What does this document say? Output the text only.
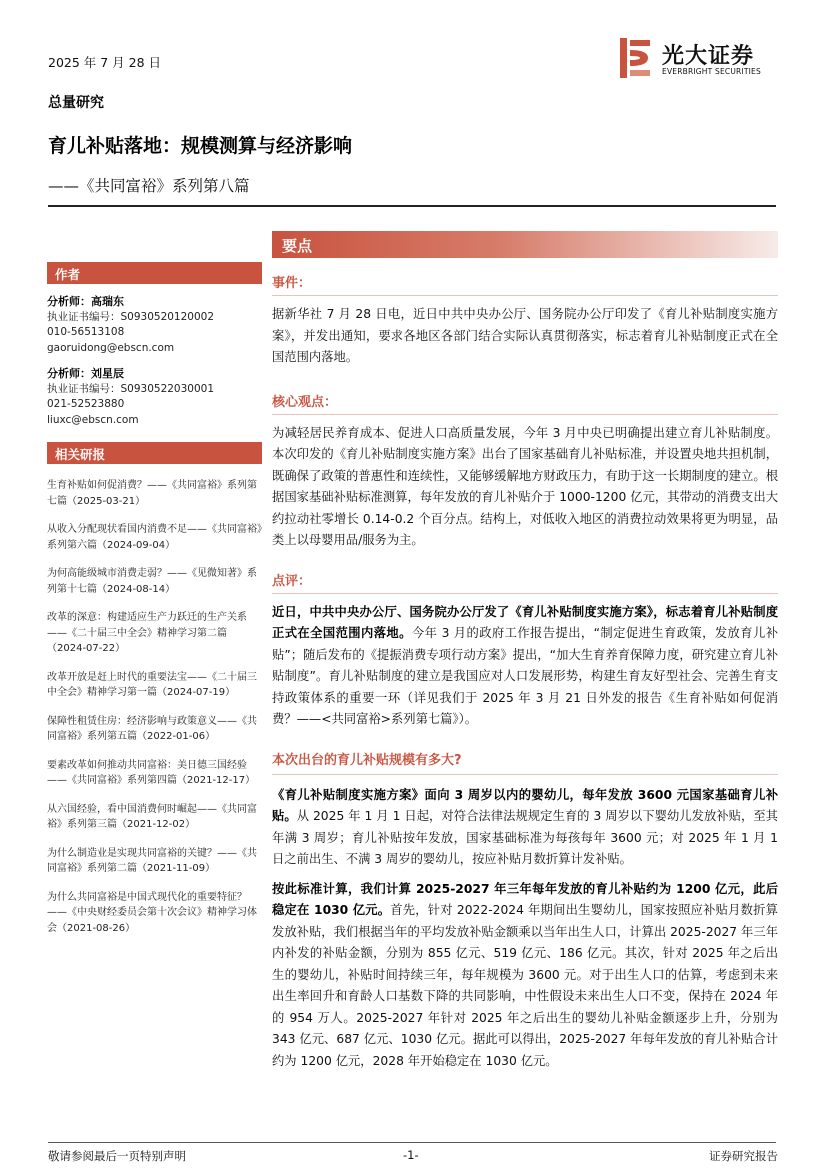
2025 年 7 月 28 日	光大证券
EVERBRIGHT SECURITIES
总量研究
育儿补贴落地：规模测算与经济影响
——《共同富裕》系列第八篇
作者
分析师：高瑞东
执业证书编号：S0930520120002
010-56513108
gaoruidong@ebscn.com
分析师：刘星辰
执业证书编号：S0930522030001
021-52523880
liuxc@ebscn.com
相关研报
生育补贴如何促消费？——《共同富裕》系列第七篇（2025-03-21）
从收入分配现状看国内消费不足——《共同富裕》系列第六篇（2024-09-04）
为何高能级城市消费走弱？——《见微知著》系列第十七篇（2024-08-14）
改革的深意：构建适应生产力跃迁的生产关系——《二十届三中全会》精神学习第二篇（2024-07-22）
改革开放是赶上时代的重要法宝——《二十届三中全会》精神学习第一篇（2024-07-19）
保障性租赁住房：经济影响与政策意义——《共同富裕》系列第五篇（2022-01-06）
要素改革如何推动共同富裕：美日德三国经验——《共同富裕》系列第四篇（2021-12-17）
从六国经验，看中国消费何时崛起——《共同富裕》系列第三篇（2021-12-02）
为什么制造业是实现共同富裕的关键？——《共同富裕》系列第二篇（2021-11-09）
为什么共同富裕是中国式现代化的重要特征？——《中央财经委员会第十次会议》精神学习体会（2021-08-26）
要点
事件：
据新华社 7 月 28 日电，近日中共中央办公厅、国务院办公厅印发了《育儿补贴制度实施方案》，并发出通知，要求各地区各部门结合实际认真贯彻落实，标志着育儿补贴制度正式在全国范围内落地。
核心观点：
为减轻居民养育成本、促进人口高质量发展，今年 3 月中央已明确提出建立育儿补贴制度。本次印发的《育儿补贴制度实施方案》出台了国家基础育儿补贴标准，并设置央地共担机制，既确保了政策的普惠性和连续性，又能够缓解地方财政压力，有助于这一长期制度的建立。根据国家基础补贴标准测算，每年发放的育儿补贴介于 1000-1200 亿元，其带动的消费支出大约拉动社零增长 0.14-0.2 个百分点。结构上，对低收入地区的消费拉动效果将更为明显，品类上以母婴用品/服务为主。
点评：
近日，中共中央办公厅、国务院办公厅发了《育儿补贴制度实施方案》，标志着育儿补贴制度正式在全国范围内落地。今年 3 月的政府工作报告提出，“制定促进生育政策，发放育儿补贴”；随后发布的《提振消费专项行动方案》提出，“加大生育养育保障力度，研究建立育儿补贴制度”。育儿补贴制度的建立是我国应对人口发展形势，构建生育友好型社会、完善生育支持政策体系的重要一环（详见我们于 2025 年 3 月 21 日外发的报告《生育补贴如何促消费？——<共同富裕>系列第七篇》）。
本次出台的育儿补贴规模有多大?
《育儿补贴制度实施方案》面向 3 周岁以内的婴幼儿，每年发放 3600 元国家基础育儿补贴。从 2025 年 1 月 1 日起，对符合法律法规规定生育的 3 周岁以下婴幼儿发放补贴，至其年满 3 周岁；育儿补贴按年发放，国家基础标准为每孩每年 3600 元；对 2025 年 1 月 1 日之前出生、不满 3 周岁的婴幼儿，按应补贴月数折算计发补贴。
按此标准计算，我们计算 2025-2027 年三年每年发放的育儿补贴约为 1200 亿元，此后稳定在 1030 亿元。首先，针对 2022-2024 年期间出生婴幼儿，国家按照应补贴月数折算发放补贴，我们根据当年的平均发放补贴金额乘以当年出生人口，计算出 2025-2027 年三年内补发的补贴金额，分别为 855 亿元、519 亿元、186 亿元。其次，针对 2025 年之后出生的婴幼儿，补贴时间持续三年，每年规模为 3600 元。对于出生人口的估算，考虑到未来出生率回升和育龄人口基数下降的共同影响，中性假设未来出生人口不变，保持在 2024 年的 954 万人。2025-2027 年针对 2025 年之后出生的婴幼儿补贴金额逐步上升，分别为 343 亿元、687 亿元、1030 亿元。据此可以得出，2025-2027 年每年发放的育儿补贴合计约为 1200 亿元，2028 年开始稳定在 1030 亿元。
敬请参阅最后一页特别声明	-1-	证券研究报告
